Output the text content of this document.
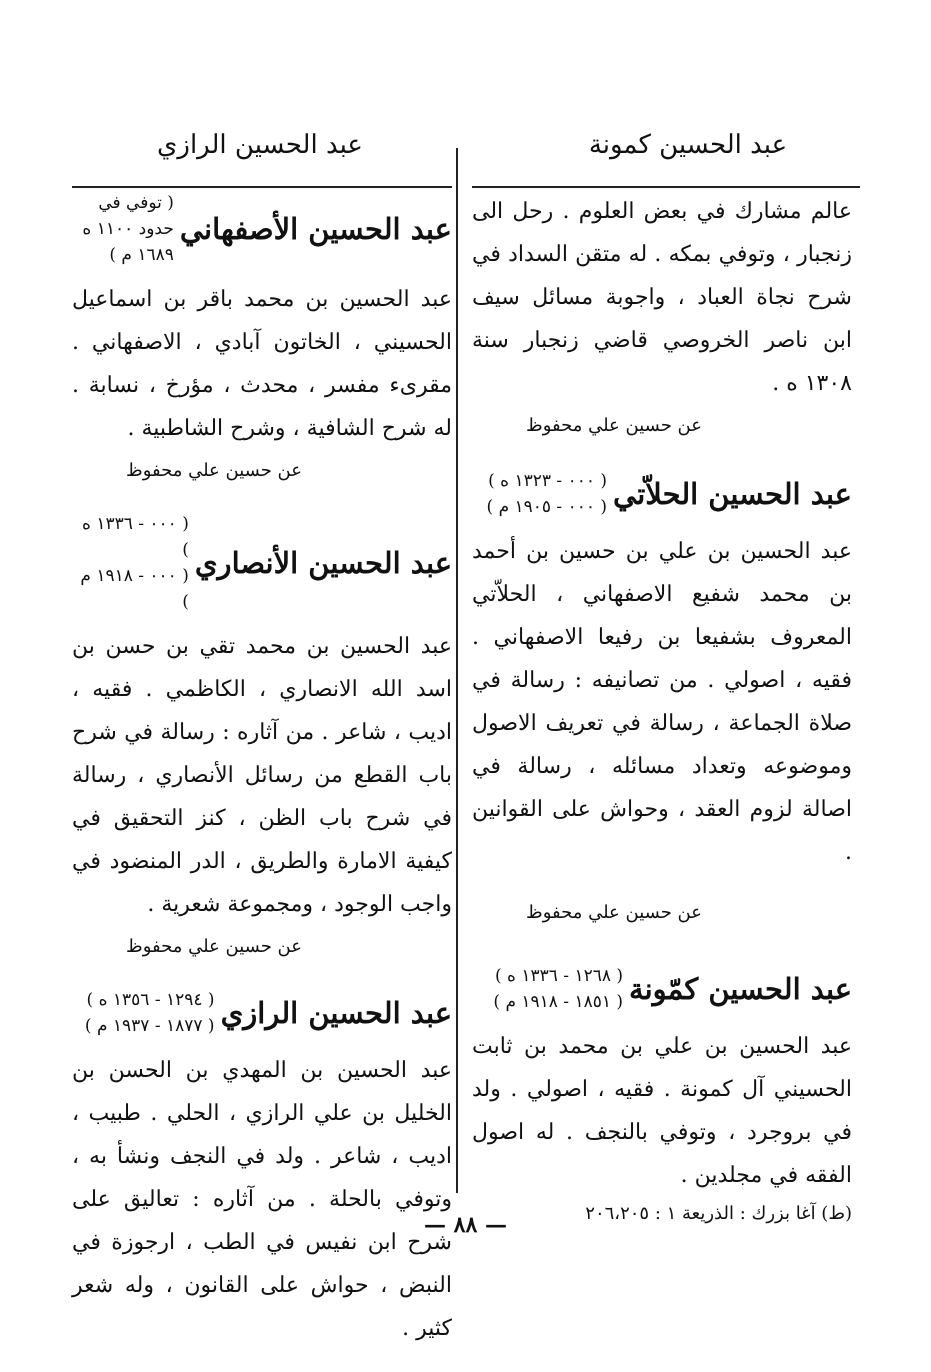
عبد الحسين كمونة
عبد الحسين الرازي

عالم مشارك في بعض العلوم . رحل الى زنجبار ، وتوفي بمكه . له متقن السداد في شرح نجاة العباد ، واجوبة مسائل سيف ابن ناصر الخروصي قاضي زنجبار سنة ١٣٠٨ ه .

عن حسين علي محفوظ
عبد الحسين الحلاّتي
( ٠٠٠ - ١٣٢٣ ه )
( ٠٠٠ - ١٩٠٥ م )

عبد الحسين بن علي بن حسين بن أحمد بن محمد شفيع الاصفهاني ، الحلاّتي المعروف بشفيعا بن رفيعا الاصفهاني . فقيه ، اصولي . من تصانيفه : رسالة في صلاة الجماعة ، رسالة في تعريف الاصول وموضوعه وتعداد مسائله ، رسالة في اصالة لزوم العقد ، وحواش على القوانين .

عن حسين علي محفوظ
عبد الحسين كمّونة
( ١٢٦٨ - ١٣٣٦ ه )
( ١٨٥١ - ١٩١٨ م )

عبد الحسين بن علي بن محمد بن ثابت الحسيني آل كمونة . فقيه ، اصولي . ولد في بروجرد ، وتوفي بالنجف . له اصول الفقه في مجلدين .

(ط) آغا بزرك : الذريعة ١ : ٢٠٦،٢٠٥
عبد الحسين الأصفهاني
( توفي في حدود ١١٠٠ ه
١٦٨٩ م )

عبد الحسين بن محمد باقر بن اسماعيل الحسيني ، الخاتون آبادي ، الاصفهاني . مقرىء مفسر ، محدث ، مؤرخ ، نسابة . له شرح الشافية ، وشرح الشاطبية .

عن حسين علي محفوظ
عبد الحسين الأنصاري
( ٠٠٠ - ١٣٣٦ ه )
( ٠٠٠ - ١٩١٨ م )

عبد الحسين بن محمد تقي بن حسن بن اسد الله الانصاري ، الكاظمي . فقيه ، اديب ، شاعر . من آثاره : رسالة في شرح باب القطع من رسائل الأنصاري ، رسالة في شرح باب الظن ، كنز التحقيق في كيفية الامارة والطريق ، الدر المنضود في واجب الوجود ، ومجموعة شعرية .

عن حسين علي محفوظ
عبد الحسين الرازي
( ١٢٩٤ - ١٣٥٦ ه )
( ١٨٧٧ - ١٩٣٧ م )

عبد الحسين بن المهدي بن الحسن بن الخليل بن علي الرازي ، الحلي . طبيب ، اديب ، شاعر . ولد في النجف ونشأ به ، وتوفي بالحلة . من آثاره : تعاليق على شرح ابن نفيس في الطب ، ارجوزة في النبض ، حواش على القانون ، وله شعر كثير .

— ٨٨ —
